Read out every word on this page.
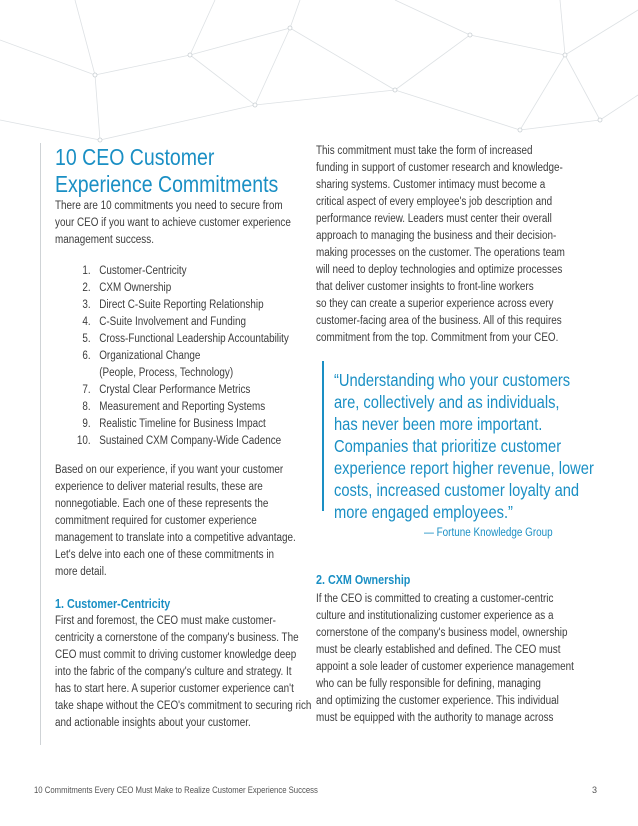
10 CEO Customer
Experience Commitments
There are 10 commitments you need to secure from
your CEO if you want to achieve customer experience
management success.
1. Customer-Centricity
2. CXM Ownership
3. Direct C-Suite Reporting Relationship
4. C-Suite Involvement and Funding
5. Cross-Functional Leadership Accountability
6. Organizational Change
(People, Process, Technology)
7. Crystal Clear Performance Metrics
8. Measurement and Reporting Systems
9. Realistic Timeline for Business Impact
10. Sustained CXM Company-Wide Cadence
Based on our experience, if you want your customer
experience to deliver material results, these are
nonnegotiable. Each one of these represents the
commitment required for customer experience
management to translate into a competitive advantage.
Let's delve into each one of these commitments in
more detail.
1. Customer-Centricity
First and foremost, the CEO must make customer-
centricity a cornerstone of the company's business. The
CEO must commit to driving customer knowledge deep
into the fabric of the company's culture and strategy. It
has to start here. A superior customer experience can't
take shape without the CEO's commitment to securing rich
and actionable insights about your customer.
This commitment must take the form of increased
funding in support of customer research and knowledge-
sharing systems. Customer intimacy must become a
critical aspect of every employee's job description and
performance review. Leaders must center their overall
approach to managing the business and their decision-
making processes on the customer. The operations team
will need to deploy technologies and optimize processes
that deliver customer insights to front-line workers
so they can create a superior experience across every
customer-facing area of the business. All of this requires
commitment from the top. Commitment from your CEO.
“Understanding who your customers
are, collectively and as individuals,
has never been more important.
Companies that prioritize customer
experience report higher revenue, lower
costs, increased customer loyalty and
more engaged employees.”
— Fortune Knowledge Group
2. CXM Ownership
If the CEO is committed to creating a customer-centric
culture and institutionalizing customer experience as a
cornerstone of the company's business model, ownership
must be clearly established and defined. The CEO must
appoint a sole leader of customer experience management
who can be fully responsible for defining, managing
and optimizing the customer experience. This individual
must be equipped with the authority to manage across
10 Commitments Every CEO Must Make to Realize Customer Experience Success	3
